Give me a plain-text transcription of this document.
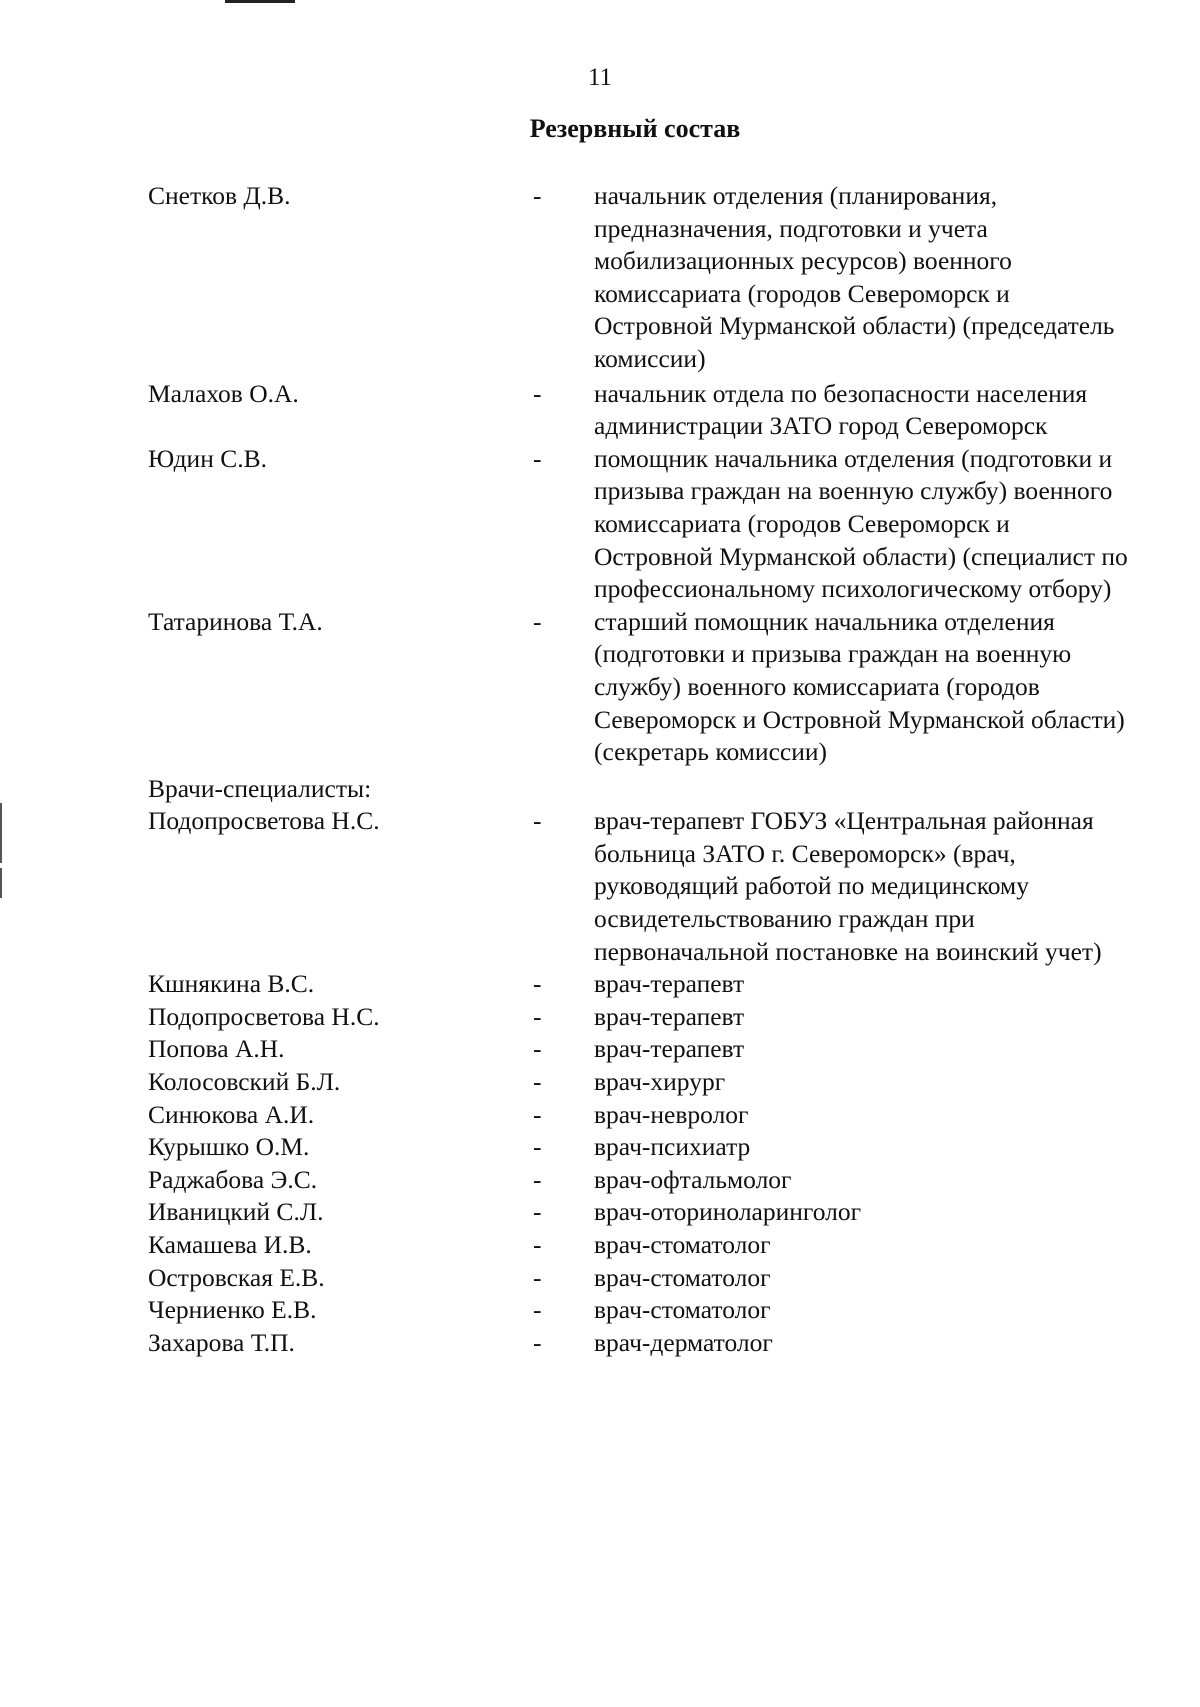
11
Резервный состав
Снетков Д.В.	- начальник отделения (планирования, предназначения, подготовки и учета мобилизационных ресурсов) военного комиссариата (городов Североморск и Островной Мурманской области) (председатель комиссии)
Малахов О.А.	- начальник отдела по безопасности населения администрации ЗАТО город Североморск
Юдин С.В.	- помощник начальника отделения (подготовки и призыва граждан на военную службу) военного комиссариата (городов Североморск и Островной Мурманской области) (специалист по профессиональному психологическому отбору)
Татаринова Т.А.	- старший помощник начальника отделения (подготовки и призыва граждан на военную службу) военного комиссариата (городов Североморск и Островной Мурманской области) (секретарь комиссии)
Врачи-специалисты:
Подопросветова Н.С.	- врач-терапевт ГОБУЗ «Центральная районная больница ЗАТО г. Североморск» (врач, руководящий работой по медицинскому освидетельствованию граждан при первоначальной постановке на воинский учет)
Кшнякина В.С.	- врач-терапевт
Подопросветова Н.С.	- врач-терапевт
Попова А.Н.	- врач-терапевт
Колосовский Б.Л.	- врач-хирург
Синюкова А.И.	- врач-невролог
Курышко О.М.	- врач-психиатр
Раджабова Э.С.	- врач-офтальмолог
Иваницкий С.Л.	- врач-оториноларинголог
Камашева И.В.	- врач-стоматолог
Островская Е.В.	- врач-стоматолог
Черниенко Е.В.	- врач-стоматолог
Захарова Т.П.	- врач-дерматолог
